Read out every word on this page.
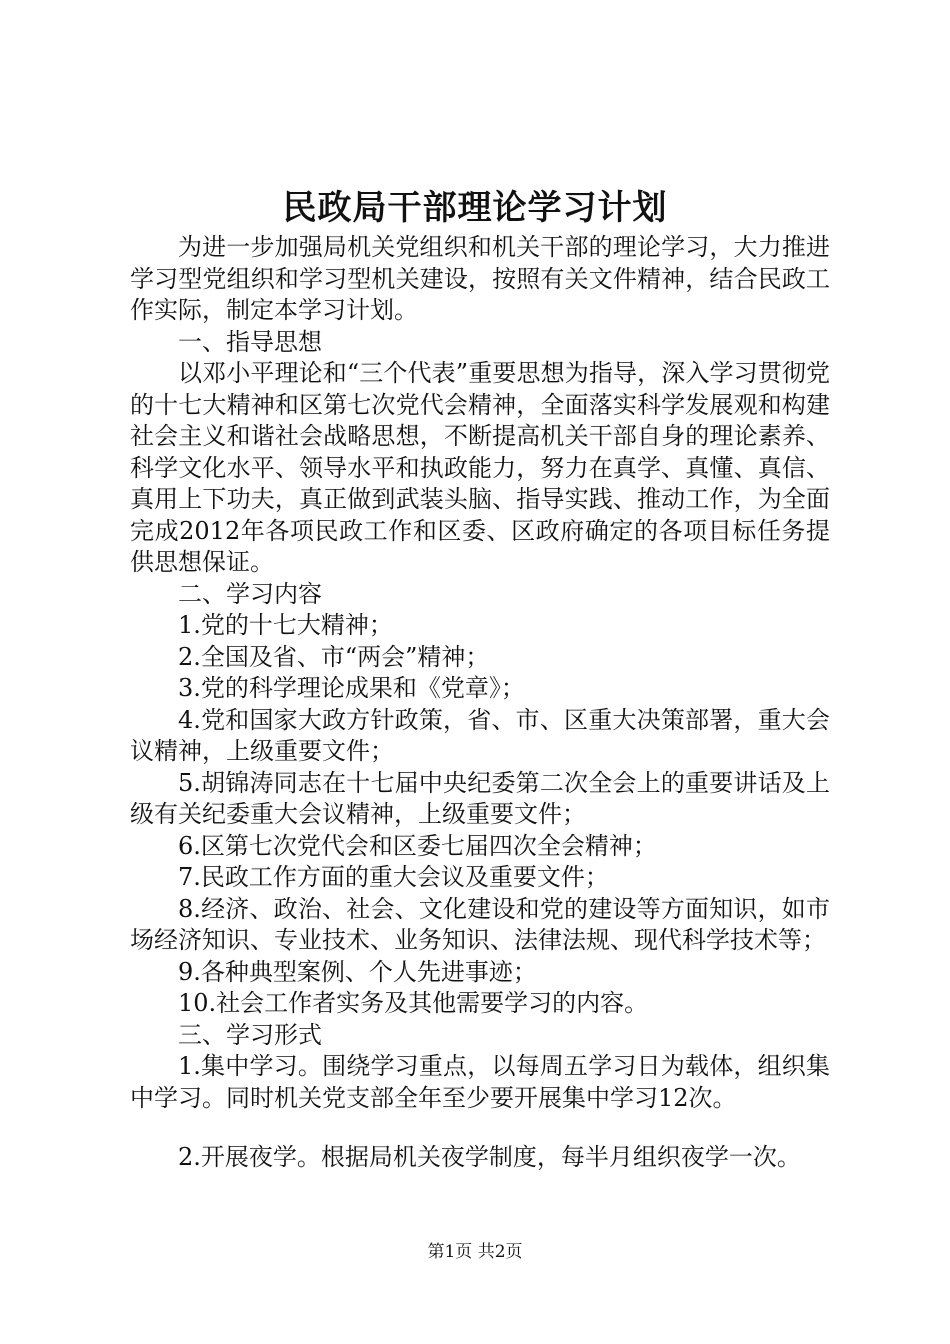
民政局干部理论学习计划

为进一步加强局机关党组织和机关干部的理论学习，大力推进学习型党组织和学习型机关建设，按照有关文件精神，结合民政工作实际，制定本学习计划。

一、指导思想

以邓小平理论和“三个代表”重要思想为指导，深入学习贯彻党的十七大精神和区第七次党代会精神，全面落实科学发展观和构建社会主义和谐社会战略思想，不断提高机关干部自身的理论素养、科学文化水平、领导水平和执政能力，努力在真学、真懂、真信、真用上下功夫，真正做到武装头脑、指导实践、推动工作，为全面完成2012年各项民政工作和区委、区政府确定的各项目标任务提供思想保证。

二、学习内容

1.党的十七大精神；

2.全国及省、市“两会”精神；

3.党的科学理论成果和《党章》；

4.党和国家大政方针政策，省、市、区重大决策部署，重大会议精神，上级重要文件；

5.胡锦涛同志在十七届中央纪委第二次全会上的重要讲话及上级有关纪委重大会议精神，上级重要文件；

6.区第七次党代会和区委七届四次全会精神；

7.民政工作方面的重大会议及重要文件；

8.经济、政治、社会、文化建设和党的建设等方面知识，如市场经济知识、专业技术、业务知识、法律法规、现代科学技术等；

9.各种典型案例、个人先进事迹；

10.社会工作者实务及其他需要学习的内容。

三、学习形式

1.集中学习。围绕学习重点，以每周五学习日为载体，组织集中学习。同时机关党支部全年至少要开展集中学习12次。

2.开展夜学。根据局机关夜学制度，每半月组织夜学一次。

第1页 共2页
